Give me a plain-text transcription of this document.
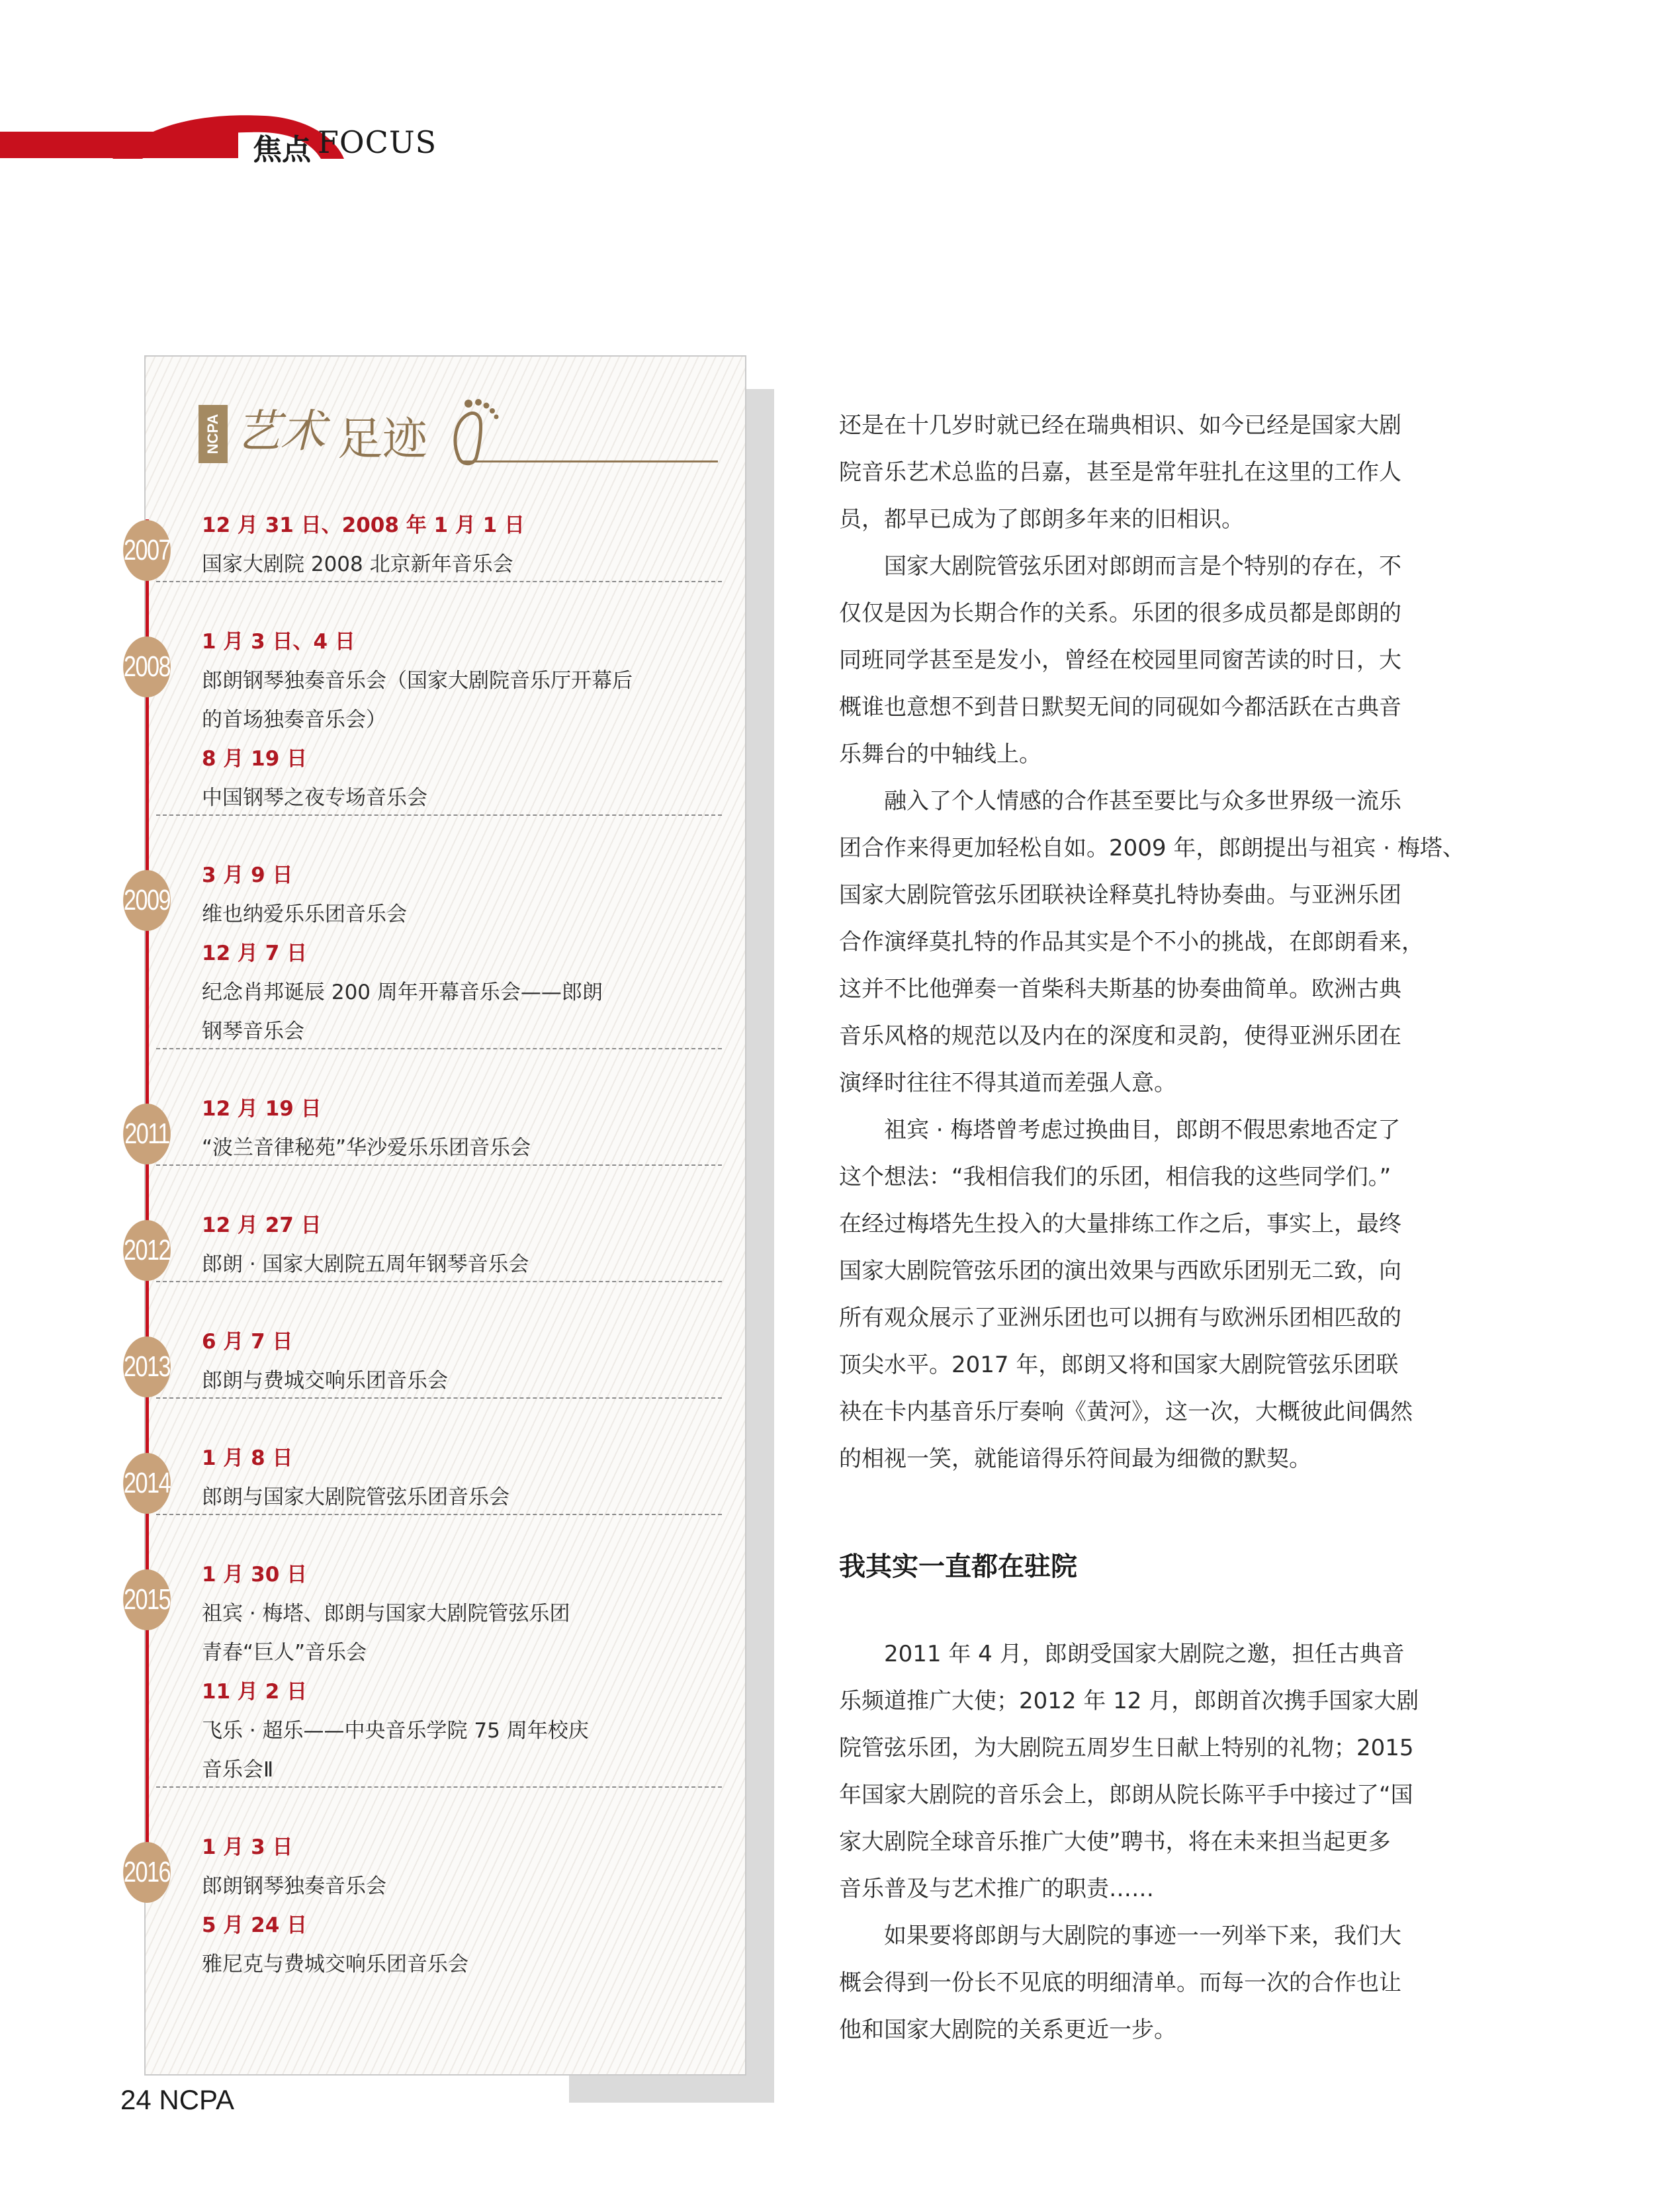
焦点 FOCUS
NCPA 艺术 足迹
2007
12 月 31 日、2008 年 1 月 1 日
国家大剧院 2008 北京新年音乐会
2008
1 月 3 日、4 日
郎朗钢琴独奏音乐会（国家大剧院音乐厅开幕后
的首场独奏音乐会）
8 月 19 日
中国钢琴之夜专场音乐会
2009
3 月 9 日
维也纳爱乐乐团音乐会
12 月 7 日
纪念肖邦诞辰 200 周年开幕音乐会——郎朗
钢琴音乐会
2011
12 月 19 日
“波兰音律秘苑”华沙爱乐乐团音乐会
2012
12 月 27 日
郎朗 · 国家大剧院五周年钢琴音乐会
2013
6 月 7 日
郎朗与费城交响乐团音乐会
2014
1 月 8 日
郎朗与国家大剧院管弦乐团音乐会
2015
1 月 30 日
祖宾 · 梅塔、郎朗与国家大剧院管弦乐团
青春“巨人”音乐会
11 月 2 日
飞乐 · 超乐——中央音乐学院 75 周年校庆
音乐会Ⅱ
2016
1 月 3 日
郎朗钢琴独奏音乐会
5 月 24 日
雅尼克与费城交响乐团音乐会

还是在十几岁时就已经在瑞典相识、如今已经是国家大剧
院音乐艺术总监的吕嘉，甚至是常年驻扎在这里的工作人
员，都早已成为了郎朗多年来的旧相识。

　　国家大剧院管弦乐团对郎朗而言是个特别的存在，不
仅仅是因为长期合作的关系。乐团的很多成员都是郎朗的
同班同学甚至是发小，曾经在校园里同窗苦读的时日，大
概谁也意想不到昔日默契无间的同砚如今都活跃在古典音
乐舞台的中轴线上。

　　融入了个人情感的合作甚至要比与众多世界级一流乐
团合作来得更加轻松自如。2009 年，郎朗提出与祖宾 · 梅塔、
国家大剧院管弦乐团联袂诠释莫扎特协奏曲。与亚洲乐团
合作演绎莫扎特的作品其实是个不小的挑战，在郎朗看来，
这并不比他弹奏一首柴科夫斯基的协奏曲简单。欧洲古典
音乐风格的规范以及内在的深度和灵韵，使得亚洲乐团在
演绎时往往不得其道而差强人意。

　　祖宾 · 梅塔曾考虑过换曲目，郎朗不假思索地否定了
这个想法：“我相信我们的乐团，相信我的这些同学们。”
在经过梅塔先生投入的大量排练工作之后，事实上，最终
国家大剧院管弦乐团的演出效果与西欧乐团别无二致，向
所有观众展示了亚洲乐团也可以拥有与欧洲乐团相匹敌的
顶尖水平。2017 年，郎朗又将和国家大剧院管弦乐团联
袂在卡内基音乐厅奏响《黄河》，这一次，大概彼此间偶然
的相视一笑，就能谙得乐符间最为细微的默契。

我其实一直都在驻院

　　2011 年 4 月，郎朗受国家大剧院之邀，担任古典音
乐频道推广大使；2012 年 12 月，郎朗首次携手国家大剧
院管弦乐团，为大剧院五周岁生日献上特别的礼物；2015
年国家大剧院的音乐会上，郎朗从院长陈平手中接过了“国
家大剧院全球音乐推广大使”聘书，将在未来担当起更多
音乐普及与艺术推广的职责……

　　如果要将郎朗与大剧院的事迹一一列举下来，我们大
概会得到一份长不见底的明细清单。而每一次的合作也让
他和国家大剧院的关系更近一步。

24 NCPA
